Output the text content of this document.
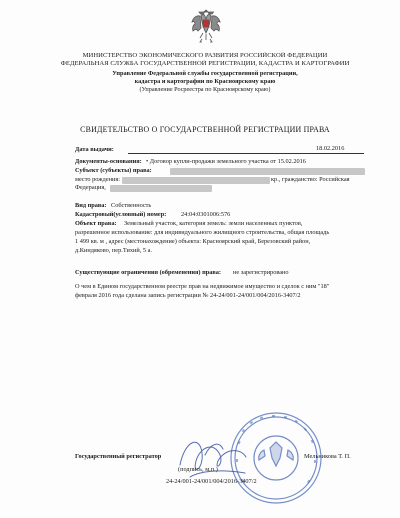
МИНИСТЕРСТВО ЭКОНОМИЧЕСКОГО РАЗВИТИЯ РОССИЙСКОЙ ФЕДЕРАЦИИ
ФЕДЕРАЛЬНАЯ СЛУЖБА ГОСУДАРСТВЕННОЙ РЕГИСТРАЦИИ, КАДАСТРА И КАРТОГРАФИИ
Управление Федеральной службы государственной регистрации,
кадастра и картографии по Красноярскому краю
(Управление Росреестра по Красноярскому краю)
СВИДЕТЕЛЬСТВО О ГОСУДАРСТВЕННОЙ РЕГИСТРАЦИИ ПРАВА
Дата выдачи:	18.02.2016
Документы-основания: • Договор купли-продажи земельного участка от 15.02.2016
Субъект (субъекты) права:
место рождения:	кр., гражданство: Российская
Федерация,
Вид права: Собственность
Кадастровый(условный) номер: 24:04:0301006:576
Объект права: Земельный участок, категория земель: земли населенных пунктов,
разрешенное использование: для индивидуального жилищного строительства, общая площадь
1 499 кв. м , адрес (местонахождение) объекта: Красноярский край, Березовский район,
д.Киндяково, пер.Тихий, 5 а.
Существующие ограничения (обременения) права: не зарегистрировано
О чем в Едином государственном реестре прав на недвижимое имущество и сделок с ним "18"
февраля 2016 года сделана запись регистрации № 24-24/001-24/001/004/2016-3407/2
Государственный регистратор	Мельникова Т. П.
(подпись, м.п.)
24-24/001-24/001/004/2016-3407/2
